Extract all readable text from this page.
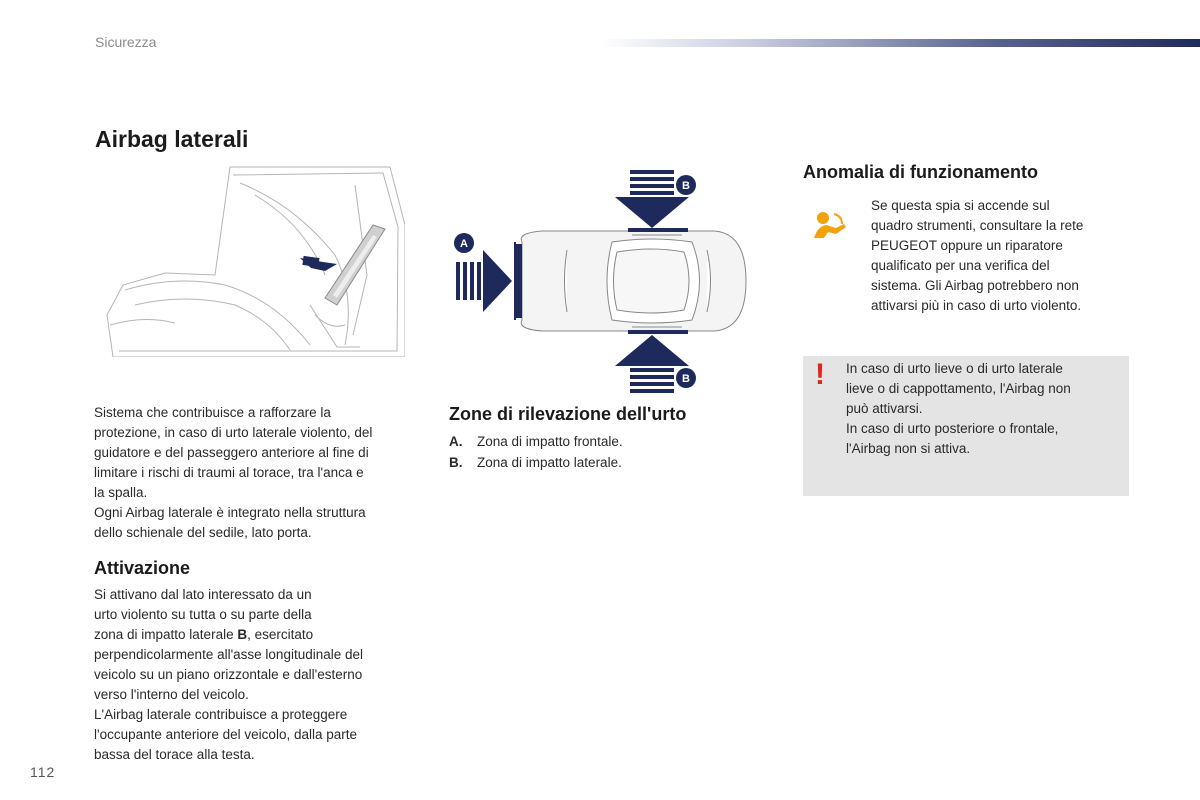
Sicurezza
Airbag laterali
B
A
B

Sistema che contribuisce a rafforzare la

protezione, in caso di urto laterale violento, del

guidatore e del passeggero anteriore al fine di

limitare i rischi di traumi al torace, tra l'anca e

la spalla.

Ogni Airbag laterale è integrato nella struttura

dello schienale del sedile, lato porta.

Attivazione

Si attivano dal lato interessato da un

urto violento su tutta o su parte della

zona di impatto laterale B, esercitato

perpendicolarmente all'asse longitudinale del

veicolo su un piano orizzontale e dall'esterno

verso l'interno del veicolo.

L'Airbag laterale contribuisce a proteggere

l'occupante anteriore del veicolo, dalla parte

bassa del torace alla testa.

Zone di rilevazione dell'urto
A. Zona di impatto frontale.
B. Zona di impatto laterale.
Anomalia di funzionamento

Se questa spia si accende sul

quadro strumenti, consultare la rete

PEUGEOT oppure un riparatore

qualificato per una verifica del

sistema. Gli Airbag potrebbero non

attivarsi più in caso di urto violento.

! In caso di urto lieve o di urto laterale

lieve o di cappottamento, l'Airbag non

può attivarsi.

In caso di urto posteriore o frontale,

l'Airbag non si attiva.

112
